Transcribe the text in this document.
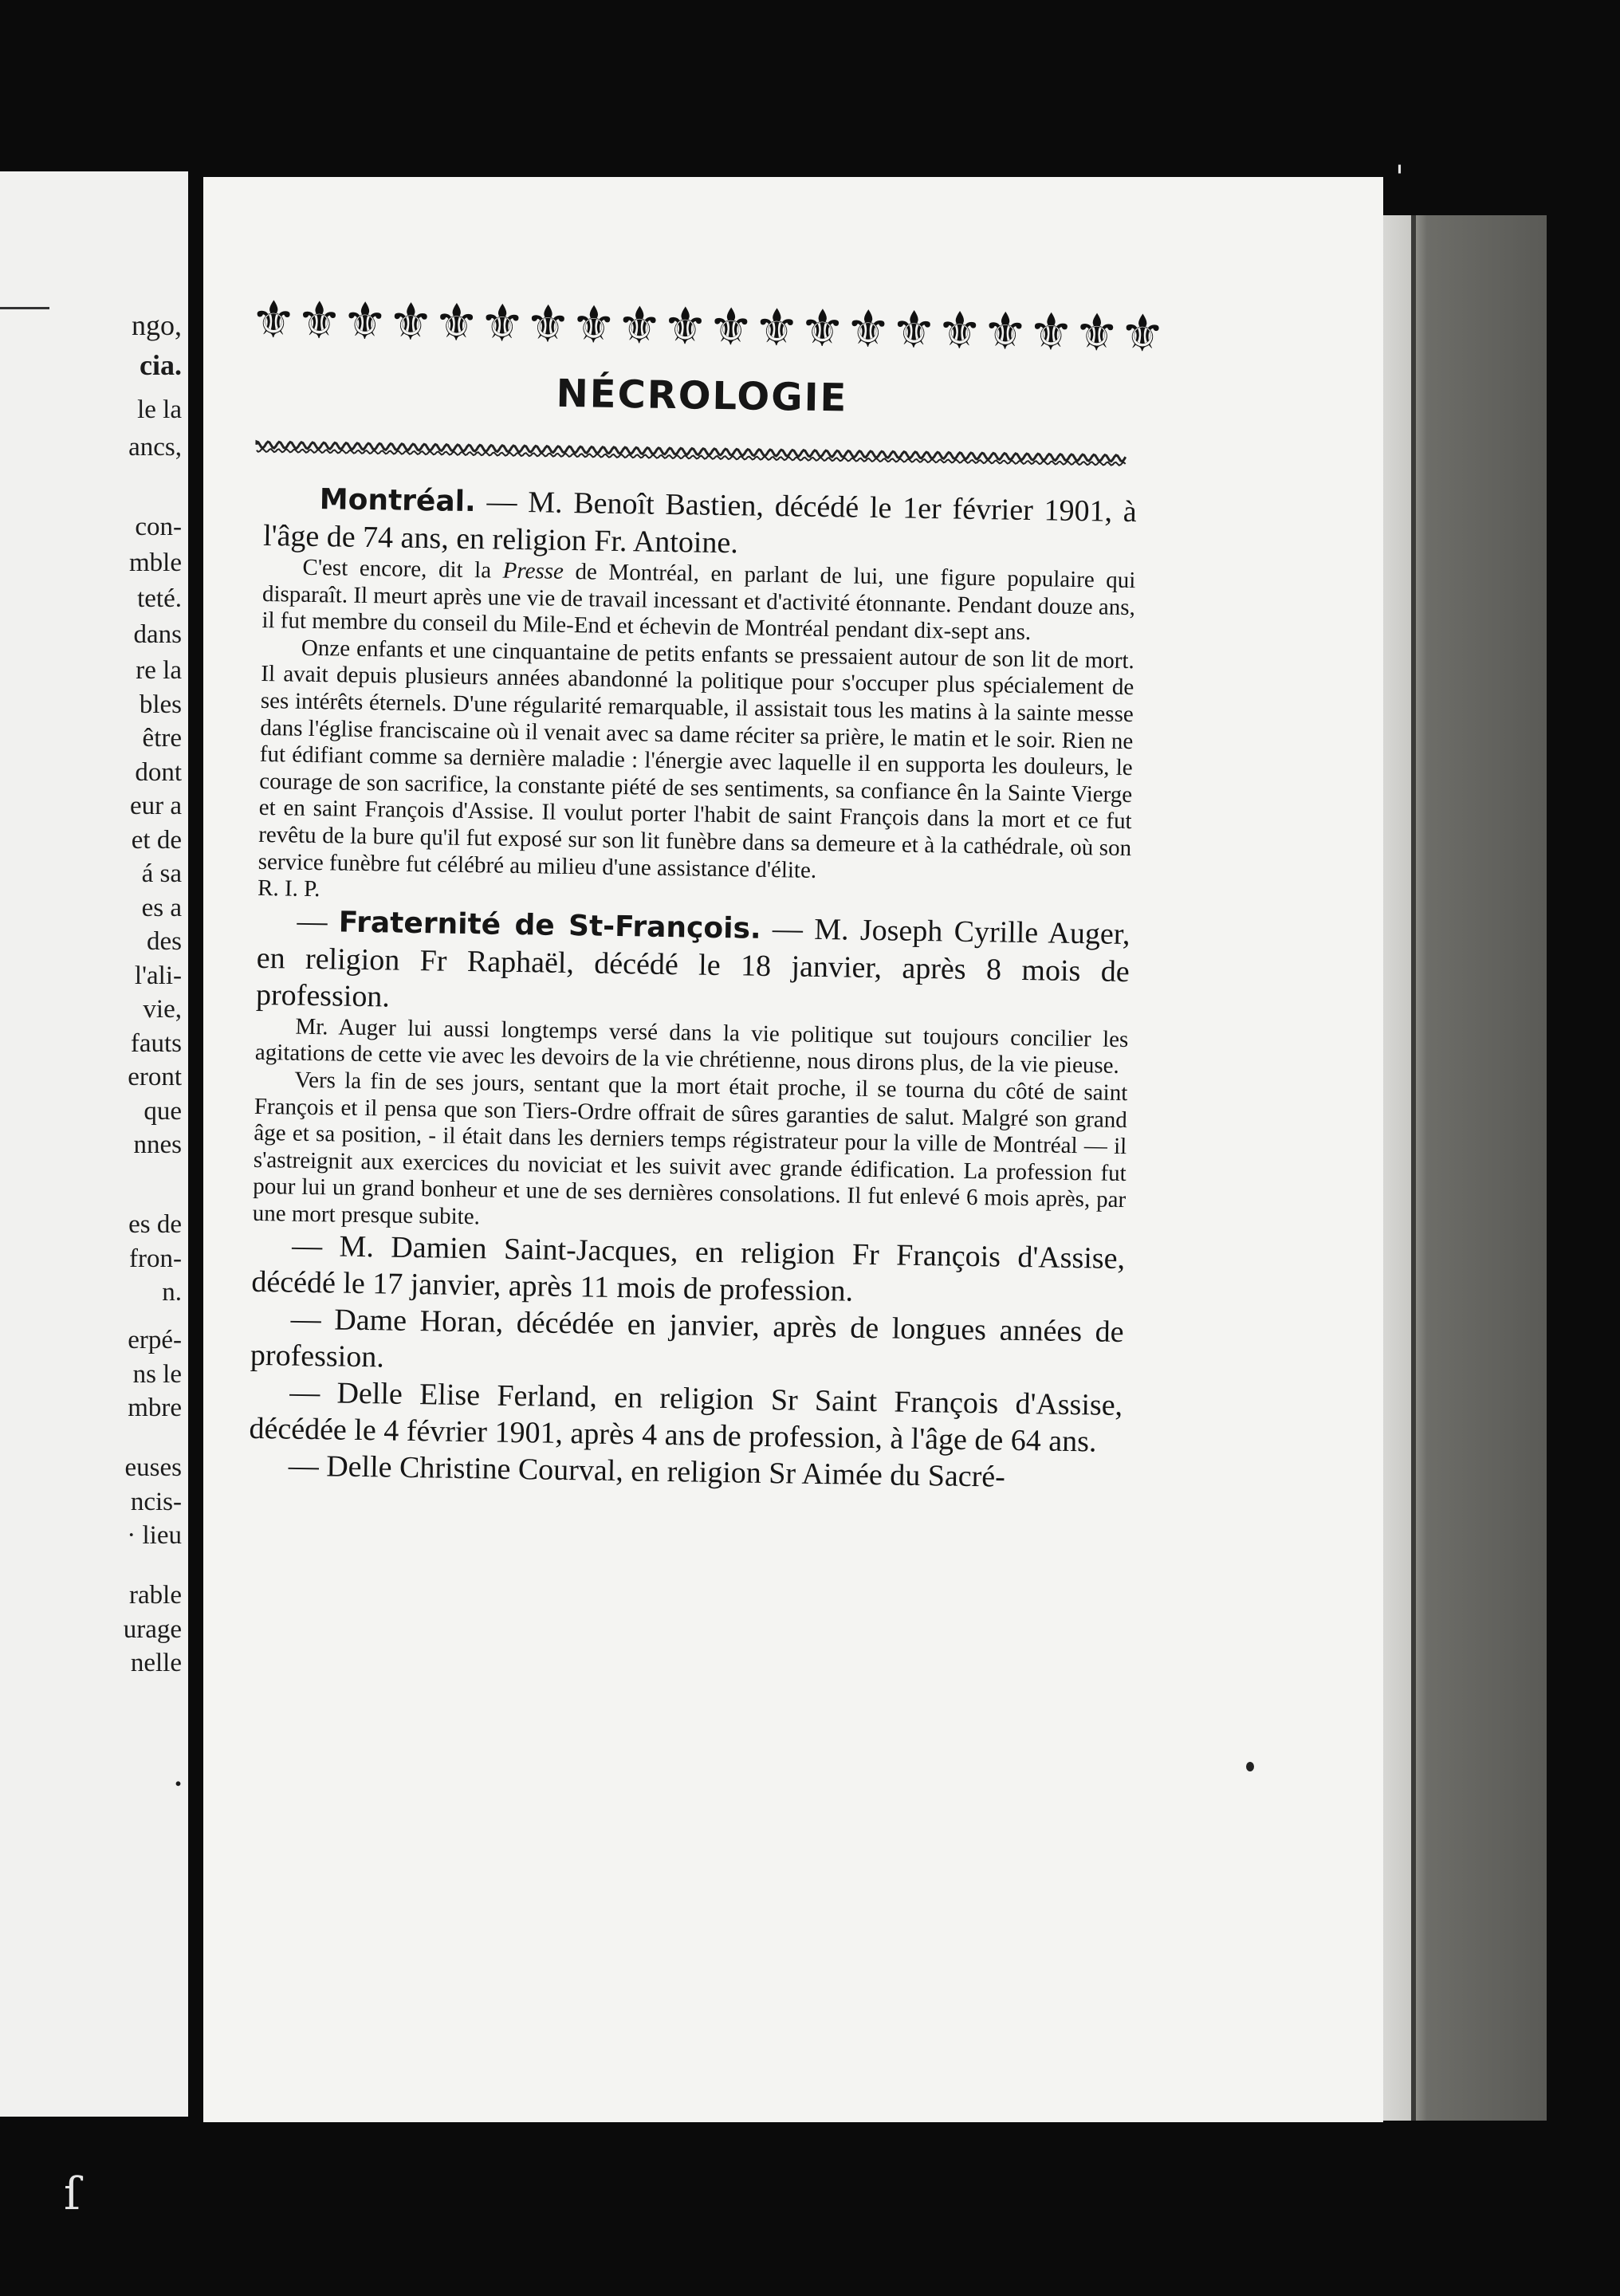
ngo,
cia.
le la
ancs,
con-
mble
teté.
dans
re la
bles
être
dont
eur a
et de
á sa
es a
des
l'ali-
vie,
fauts
eront
que
nnes
es de
fron-
n.
erpé-
ns le
mbre
euses
ncis-
· lieu
rable
urage
nelle
.
⚜
⚜
⚜
⚜
⚜
⚜
⚜
⚜
⚜
⚜
⚜
⚜
⚜
⚜
⚜
⚜
⚜
⚜
⚜
⚜
NÉCROLOGIE

Montréal. — M. Benoît Bastien, décédé le 1er février 1901, à l'âge de 74 ans, en religion Fr. Antoine.

C'est encore, dit la Presse de Montréal, en parlant de lui, une figure populaire qui disparaît. Il meurt après une vie de travail incessant et d'activité étonnante. Pendant douze ans, il fut membre du conseil du Mile-End et échevin de Montréal pendant dix-sept ans.

Onze enfants et une cinquantaine de petits enfants se pressaient autour de son lit de mort. Il avait depuis plusieurs années abandonné la politique pour s'occuper plus spécialement de ses intérêts éternels. D'une régularité remarquable, il assistait tous les matins à la sainte messe dans l'église franciscaine où il venait avec sa dame réciter sa prière, le matin et le soir. Rien ne fut édifiant comme sa dernière maladie : l'énergie avec laquelle il en supporta les douleurs, le courage de son sacrifice, la constante piété de ses sentiments, sa confiance ên la Sainte Vierge et en saint François d'Assise. Il voulut porter l'habit de saint François dans la mort et ce fut revêtu de la bure qu'il fut exposé sur son lit funèbre dans sa demeure et à la cathédrale, où son service funèbre fut célébré au milieu d'une assistance d'élite.

R. I. P.

— Fraternité de St-François. — M. Joseph Cyrille Auger, en religion Fr Raphaël, décédé le 18 janvier, après 8 mois de profession.

Mr. Auger lui aussi longtemps versé dans la vie politique sut toujours concilier les agitations de cette vie avec les devoirs de la vie chrétienne, nous dirons plus, de la vie pieuse.

Vers la fin de ses jours, sentant que la mort était proche, il se tourna du côté de saint François et il pensa que son Tiers-Ordre offrait de sûres garanties de salut. Malgré son grand âge et sa position, - il était dans les derniers temps régistrateur pour la ville de Montréal — il s'astreignit aux exercices du noviciat et les suivit avec grande édification. La profession fut pour lui un grand bonheur et une de ses dernières consolations. Il fut enlevé 6 mois après, par une mort presque subite.

— M. Damien Saint-Jacques, en religion Fr François d'Assise, décédé le 17 janvier, après 11 mois de profession.

— Dame Horan, décédée en janvier, après de longues années de profession.

— Delle Elise Ferland, en religion Sr Saint François d'Assise, décédée le 4 février 1901, après 4 ans de profession, à l'âge de 64 ans.

— Delle Christine Courval, en religion Sr Aimée du Sacré-

'
ſ
